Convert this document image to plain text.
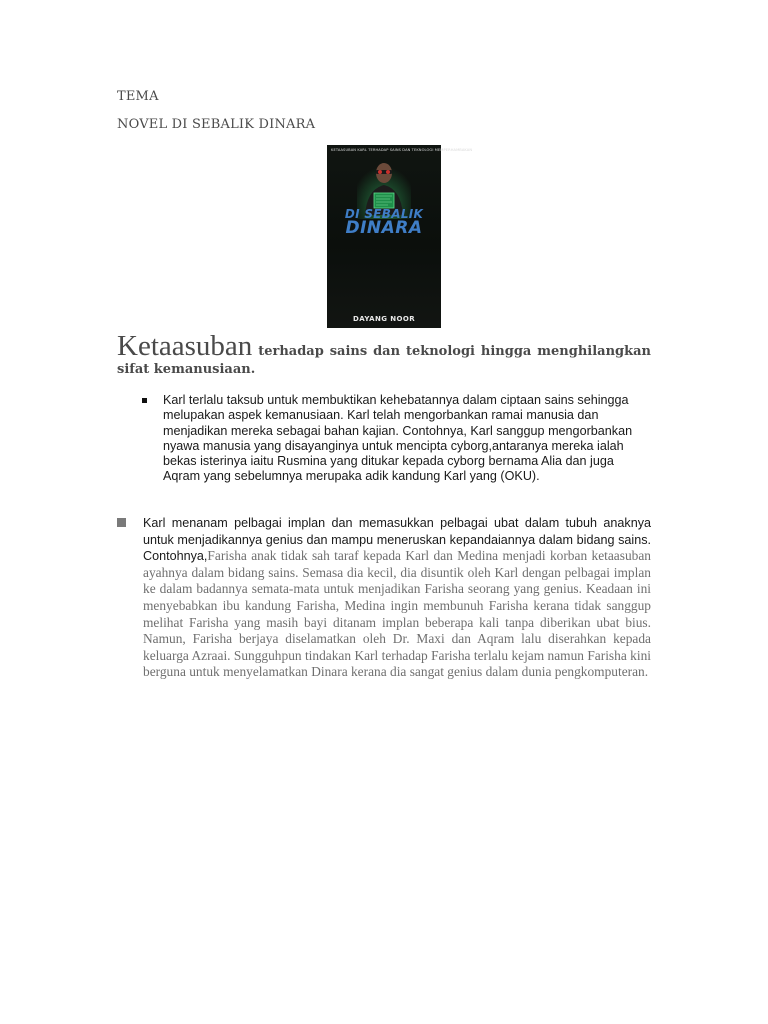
TEMA
NOVEL DI SEBALIK DINARA
KETAASUBAN KARL TERHADAP SAINS DAN TEKNOLOGI MEMPERHAMBAKAN
DI SEBALIK
DINARA
DAYANG NOOR
Ketaasuban terhadap sains dan teknologi hingga menghilangkan
sifat kemanusiaan.
Karl terlalu taksub untuk membuktikan kehebatannya dalam ciptaan sains sehingga melupakan aspek kemanusiaan. Karl telah mengorbankan ramai manusia dan menjadikan mereka sebagai bahan kajian. Contohnya, Karl sanggup mengorbankan nyawa manusia yang disayanginya untuk mencipta cyborg,antaranya mereka ialah bekas isterinya iaitu Rusmina yang ditukar kepada cyborg bernama Alia dan juga Aqram yang sebelumnya merupaka adik kandung Karl yang (OKU).
Karl menanam pelbagai implan dan memasukkan pelbagai ubat dalam tubuh anaknya untuk menjadikannya genius dan mampu meneruskan kepandaiannya dalam bidang sains. Contohnya,Farisha anak tidak sah taraf kepada Karl dan Medina menjadi korban ketaasuban ayahnya dalam bidang sains. Semasa dia kecil, dia disuntik oleh Karl dengan pelbagai implan ke dalam badannya semata-mata untuk menjadikan Farisha seorang yang genius. Keadaan ini menyebabkan ibu kandung Farisha, Medina ingin membunuh Farisha kerana tidak sanggup melihat Farisha yang masih bayi ditanam implan beberapa kali tanpa diberikan ubat bius. Namun, Farisha berjaya diselamatkan oleh Dr. Maxi dan Aqram lalu diserahkan kepada keluarga Azraai. Sungguhpun tindakan Karl terhadap Farisha terlalu kejam namun Farisha kini berguna untuk menyelamatkan Dinara kerana dia sangat genius dalam dunia pengkomputeran.
